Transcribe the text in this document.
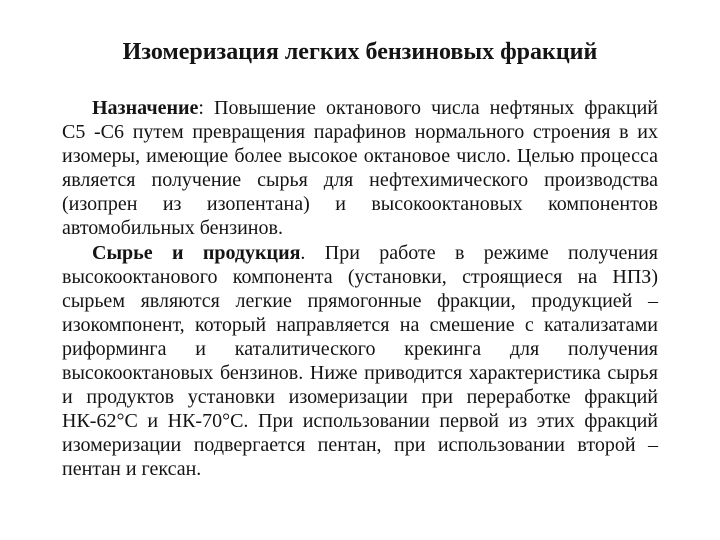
Изомеризация легких бензиновых фракций

Назначение: Повышение октанового числа нефтяных фракций С5 -С6 путем превращения парафинов нормального строения в их изомеры, имеющие более высокое октановое число. Целью процесса является получение сырья для нефтехимического производства (изопрен из изопентана) и высокооктановых компонентов автомобильных бензинов.

Сырье и продукция. При работе в режиме получения высокооктанового компонента (установки, строящиеся на НПЗ) сырьем являются легкие прямогонные фракции, продукцией – изокомпонент, который направляется на смешение с катализатами риформинга и каталитического крекинга для получения высокооктановых бензинов. Ниже приводится характеристика сырья и продуктов установки изомеризации при переработке фракций НК-62°С и НК-70°С. При использовании первой из этих фракций изомеризации подвергается пентан, при использовании второй – пентан и гексан.
